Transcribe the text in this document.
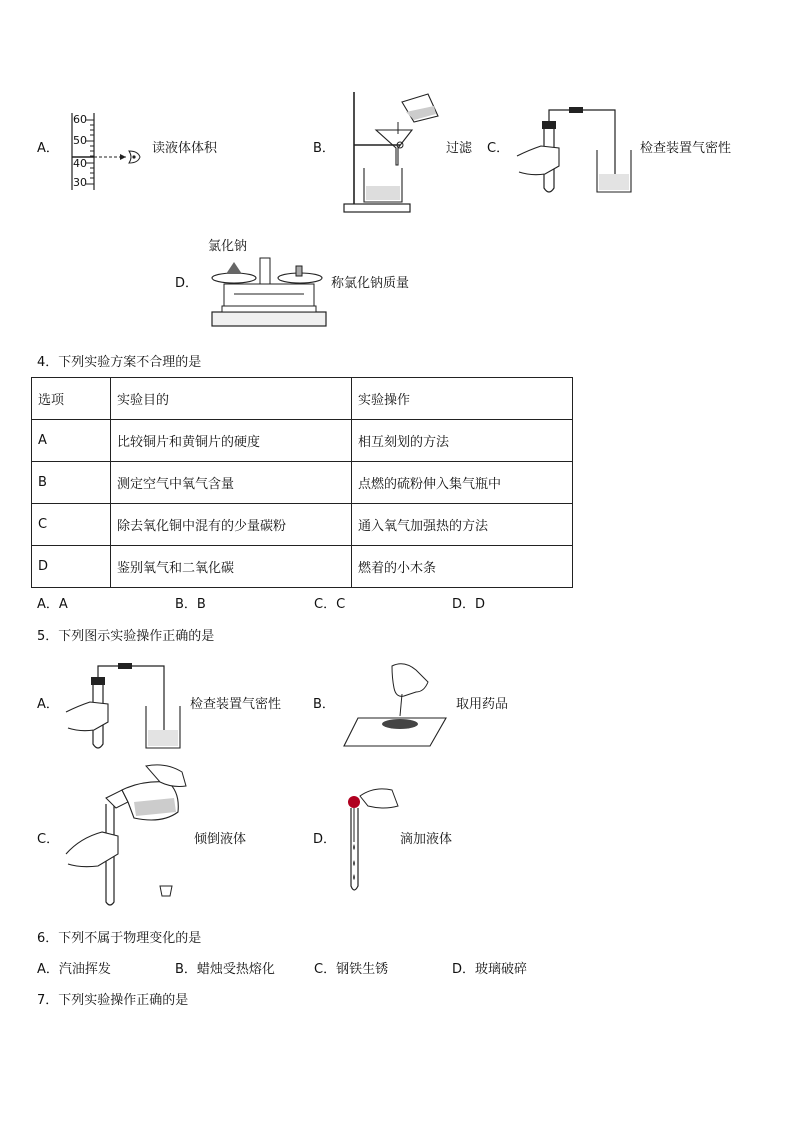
A．
60
50
40
30
读液体体积	B．	过滤 C．	检查装置气密性
氯化钠
D．	称氯化钠质量
4．下列实验方案不合理的是
选项	实验目的	实验操作
A	比较铜片和黄铜片的硬度	相互刻划的方法
B	测定空气中氧气含量	点燃的硫粉伸入集气瓶中
C	除去氧化铜中混有的少量碳粉	通入氧气加强热的方法
D	鉴别氧气和二氧化碳	燃着的小木条
A．A	B．B	C．C	D．D
5．下列图示实验操作正确的是
A．	检查装置气密性 B．	取用药品
C．	倾倒液体	D．	滴加液体
6．下列不属于物理变化的是
A．汽油挥发	B．蜡烛受热熔化	C．钢铁生锈	D．玻璃破碎
7．下列实验操作正确的是
